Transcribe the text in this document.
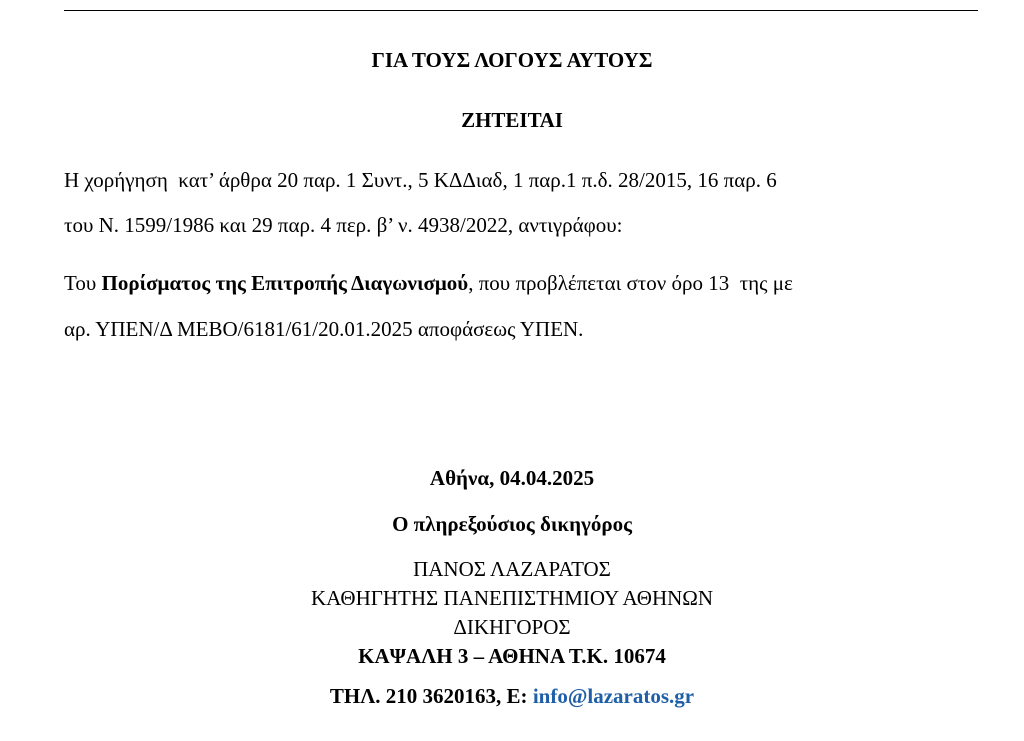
ΓΙΑ ΤΟΥΣ ΛΟΓΟΥΣ ΑΥΤΟΥΣ
ΖΗΤΕΙΤΑΙ
Η χορήγηση  κατ’ άρθρα 20 παρ. 1 Συντ., 5 ΚΔΔιαδ, 1 παρ.1 π.δ. 28/2015, 16 παρ. 6
του Ν. 1599/1986 και 29 παρ. 4 περ. β’ ν. 4938/2022, αντιγράφου:
Του Πορίσματος της Επιτροπής Διαγωνισμού, που προβλέπεται στον όρο 13  της με
αρ. ΥΠΕΝ/Δ ΜΕΒΟ/6181/61/20.01.2025 αποφάσεως ΥΠΕΝ.
Αθήνα, 04.04.2025
Ο πληρεξούσιος δικηγόρος
ΠΑΝΟΣ ΛΑΖΑΡΑΤΟΣ
ΚΑΘΗΓΗΤΗΣ ΠΑΝΕΠΙΣΤΗΜΙΟΥ ΑΘΗΝΩΝ
ΔΙΚΗΓΟΡΟΣ
ΚΑΨΑΛΗ 3 – ΑΘΗΝΑ Τ.Κ. 10674
ΤΗΛ. 210 3620163, Ε: info@lazaratos.gr
